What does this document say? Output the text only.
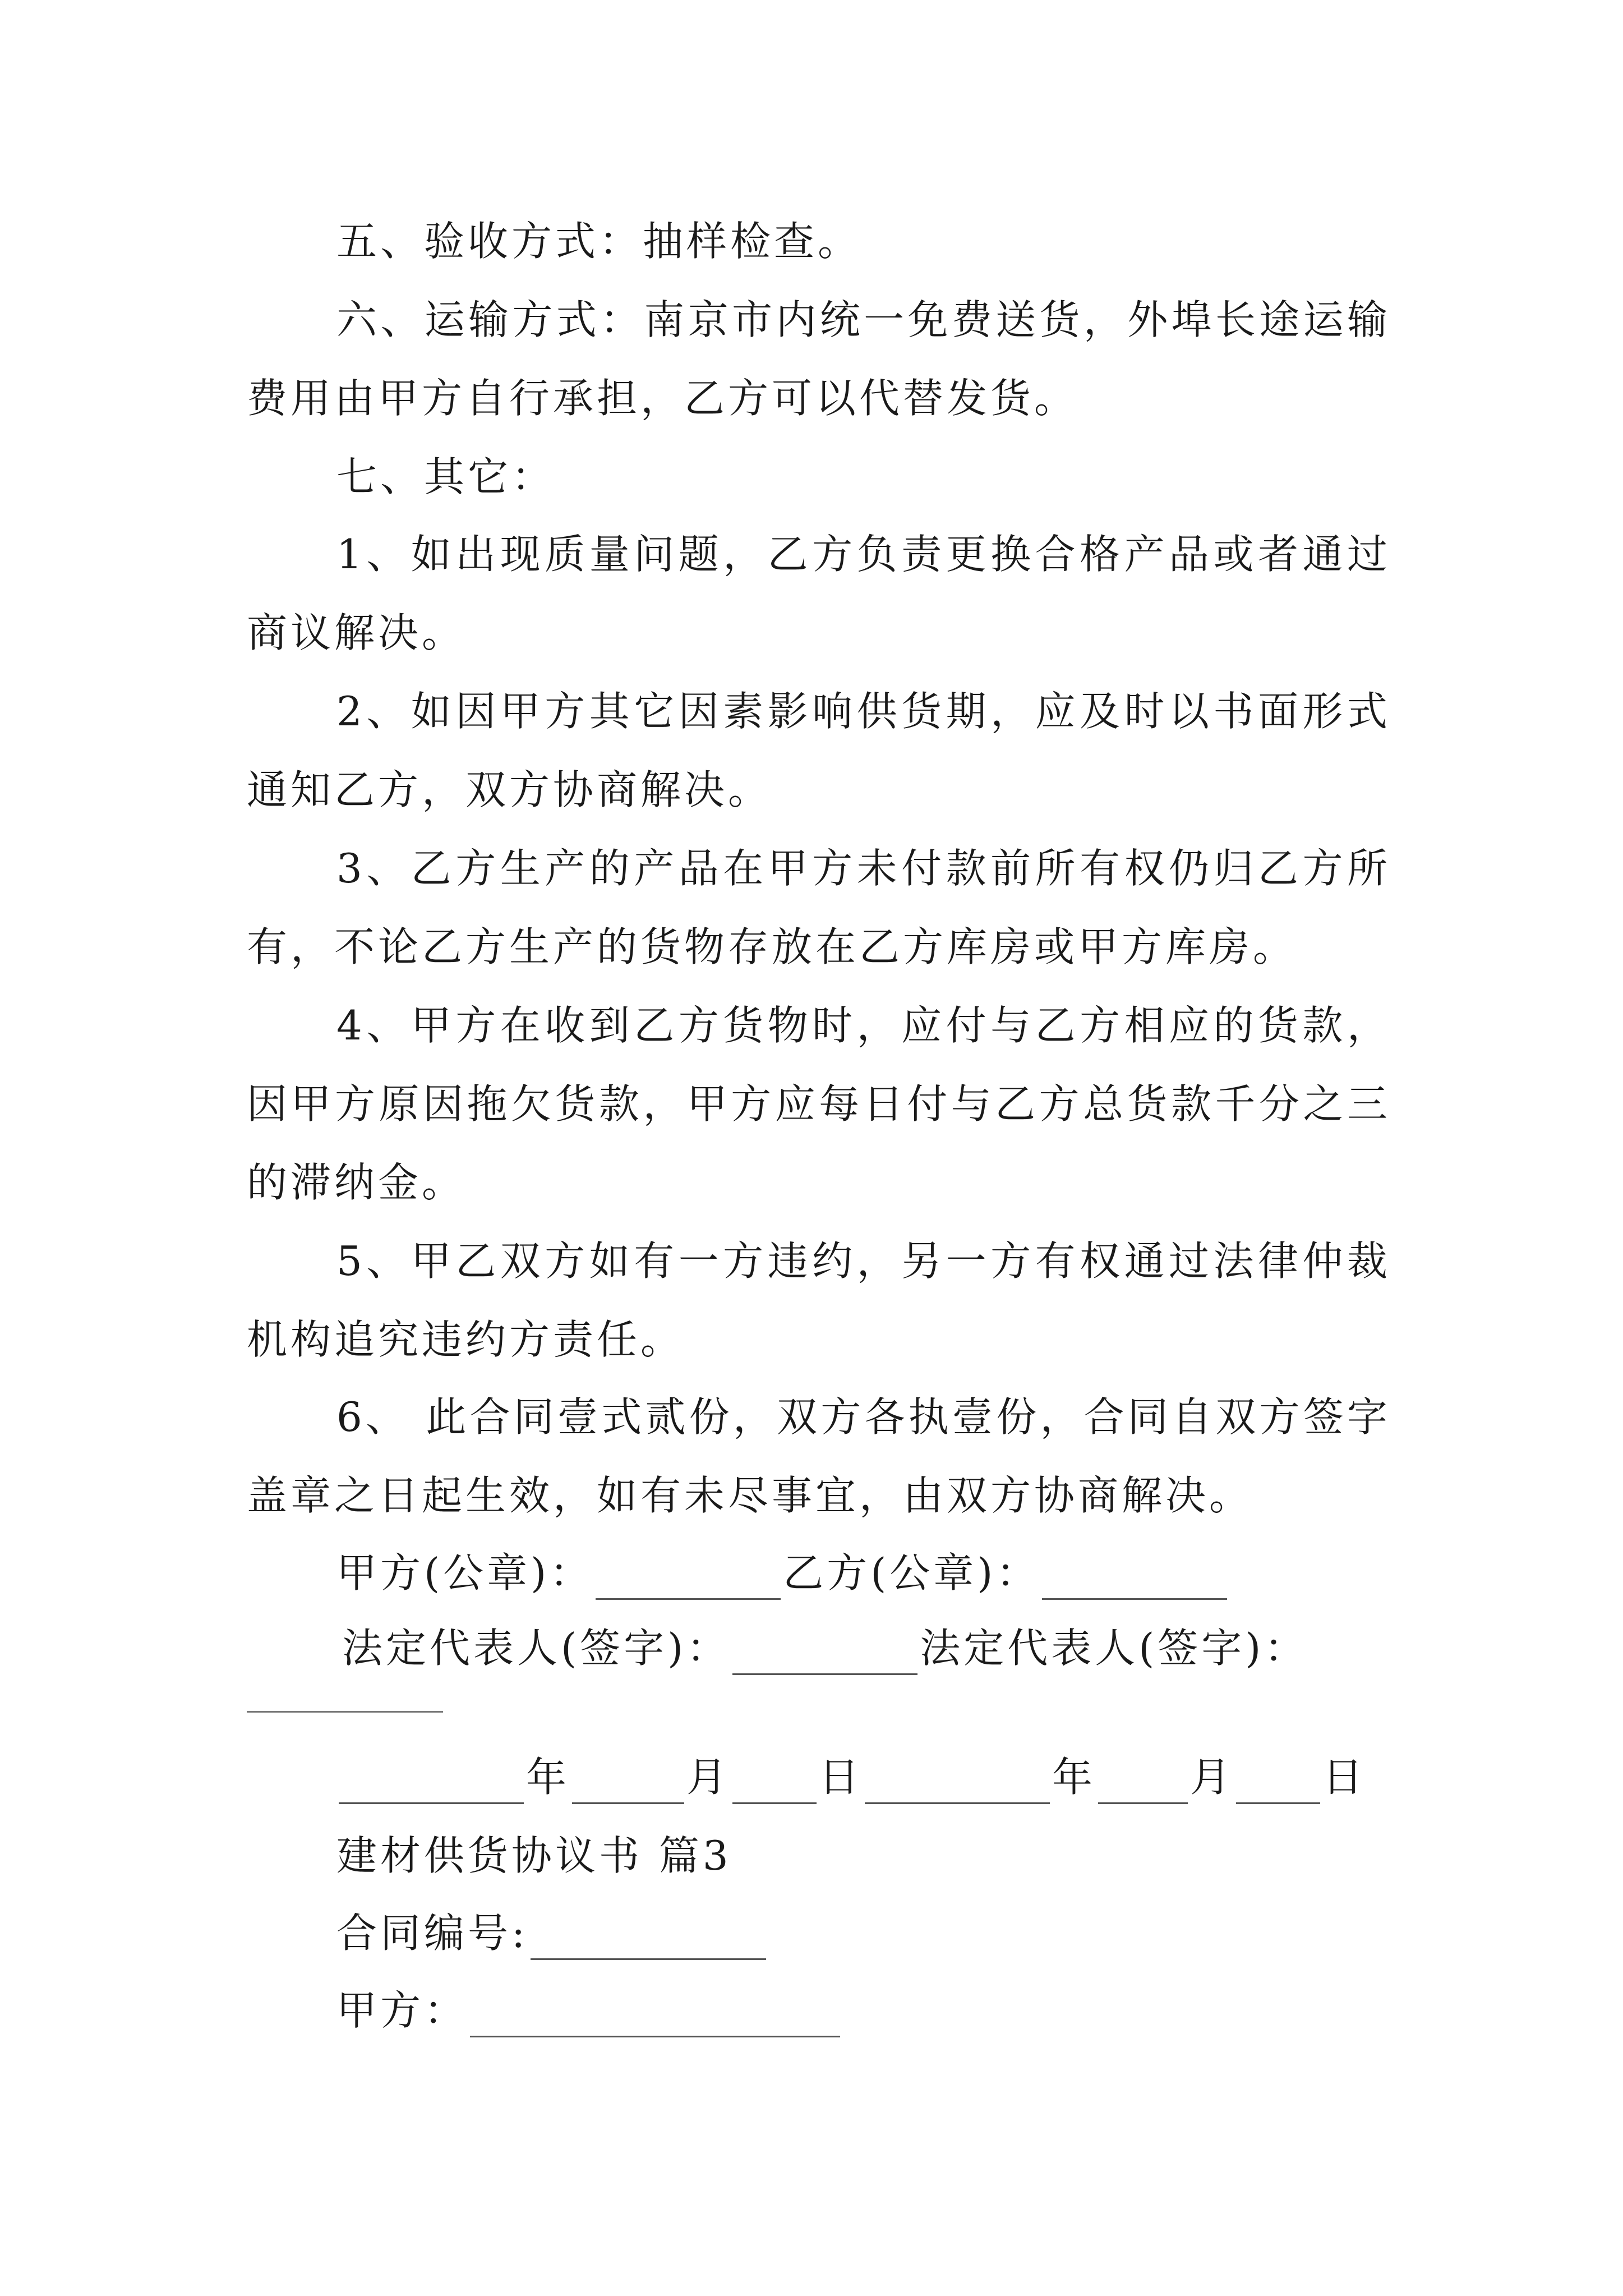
五、验收方式：抽样检查。
六、运输方式：南京市内统一免费送货，外埠长途运输
费用由甲方自行承担，乙方可以代替发货。
七、其它：
1、如出现质量问题，乙方负责更换合格产品或者通过
商议解决。
2、如因甲方其它因素影响供货期，应及时以书面形式
通知乙方，双方协商解决。
3、乙方生产的产品在甲方未付款前所有权仍归乙方所
有，不论乙方生产的货物存放在乙方库房或甲方库房。
4、甲方在收到乙方货物时，应付与乙方相应的货款，
因甲方原因拖欠货款，甲方应每日付与乙方总货款千分之三
的滞纳金。
5、甲乙双方如有一方违约，另一方有权通过法律仲裁
机构追究违约方责任。
6、 此合同壹式贰份，双方各执壹份，合同自双方签字
盖章之日起生效，如有未尽事宜，由双方协商解决。
甲方(公章)：	乙方(公章)：
法定代表人(签字)：	法定代表人(签字)：
年	月 日	年 月 日
建材供货协议书 篇3
合同编号:
甲方：
